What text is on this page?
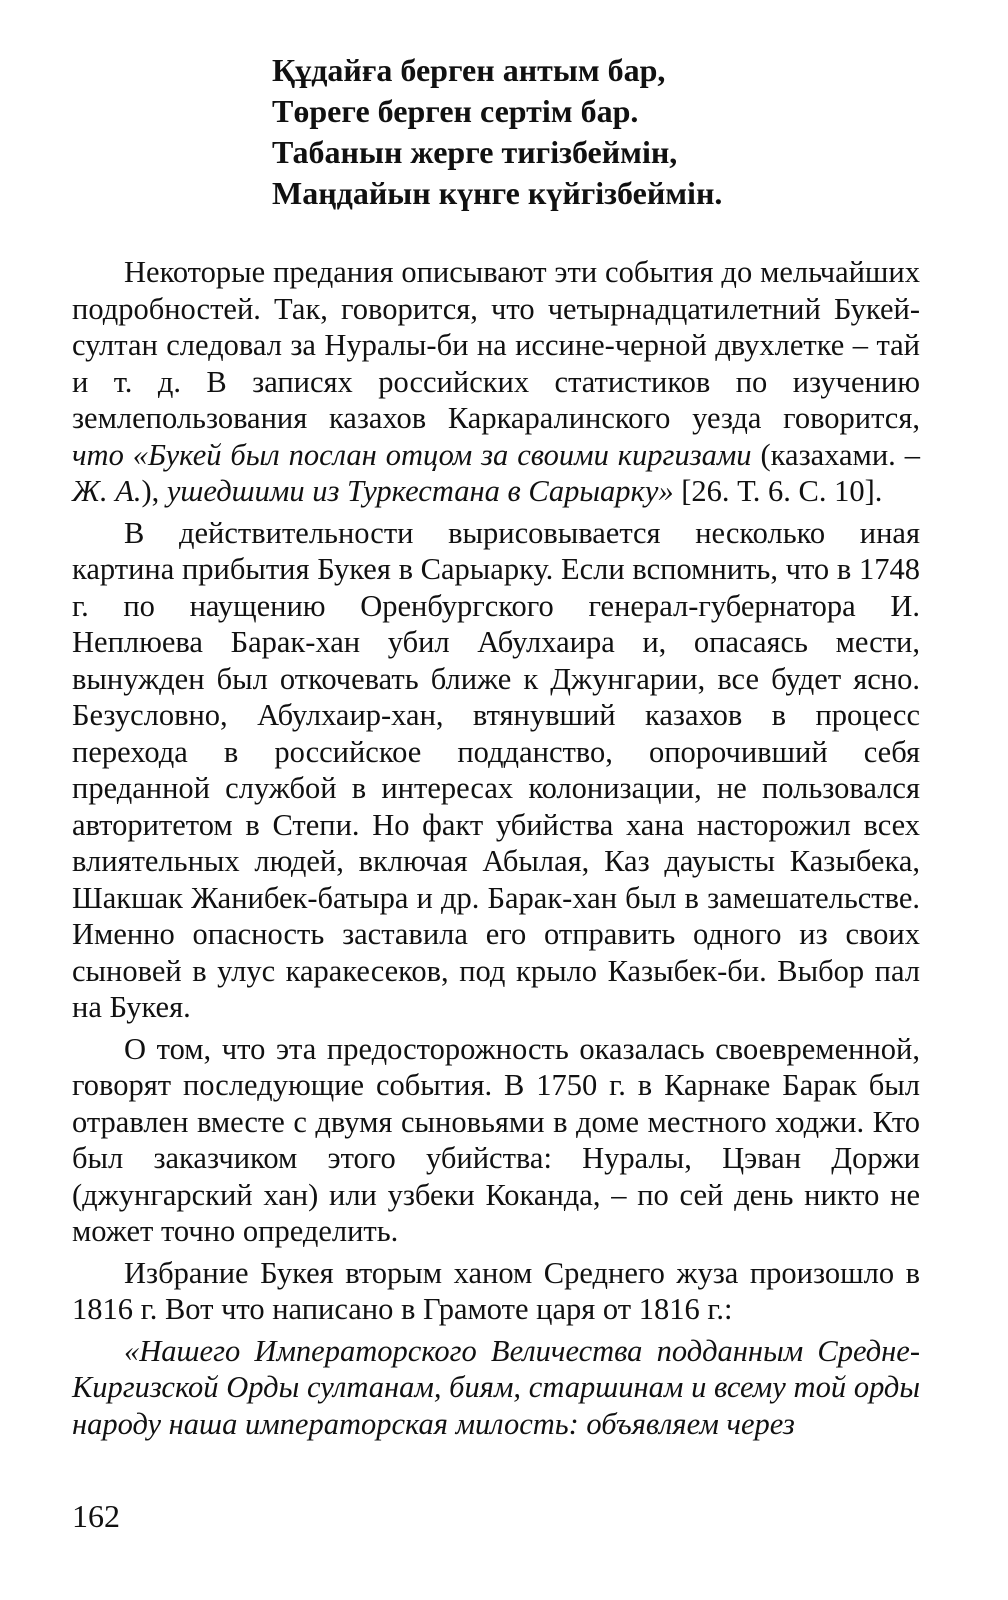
Құдайға берген антым бар,
Төреге берген сертім бар.
Табанын жерге тигізбеймін,
Маңдайын күнге күйгізбеймін.

Некоторые предания описывают эти события до мельчайших подробностей. Так, говорится, что четырнадцатилетний Букей-султан следовал за Нуралы-би на иссине-черной двухлетке – тай и т. д. В записях российских статистиков по изучению землепользования казахов Каркаралинского уезда говорится, что «Букей был послан отцом за своими киргизами (казахами. – Ж. А.), ушедшими из Туркестана в Сарыарку» [26. Т. 6. С. 10].

В действительности вырисовывается несколько иная картина прибытия Букея в Сарыарку. Если вспомнить, что в 1748 г. по наущению Оренбургского генерал-губернатора И. Неплюева Барак-хан убил Абулхаира и, опасаясь мести, вынужден был откочевать ближе к Джунгарии, все будет ясно. Безусловно, Абулхаир-хан, втянувший казахов в процесс перехода в российское подданство, опорочивший себя преданной службой в интересах колонизации, не пользовался авторитетом в Степи. Но факт убийства хана насторожил всех влиятельных людей, включая Абылая, Каз дауысты Казыбека, Шакшак Жанибек-батыра и др. Барак-хан был в замешательстве. Именно опасность заставила его отправить одного из своих сыновей в улус каракесеков, под крыло Казыбек-би. Выбор пал на Букея.

О том, что эта предосторожность оказалась своевременной, говорят последующие события. В 1750 г. в Карнаке Барак был отравлен вместе с двумя сыновьями в доме местного ходжи. Кто был заказчиком этого убийства: Нуралы, Цэван Доржи (джунгарский хан) или узбеки Коканда, – по сей день никто не может точно определить.

Избрание Букея вторым ханом Среднего жуза произошло в 1816 г. Вот что написано в Грамоте царя от 1816 г.:

«Нашего Императорского Величества подданным Средне-Киргизской Орды султанам, биям, старшинам и всему той орды народу наша императорская милость: объявляем через

162
